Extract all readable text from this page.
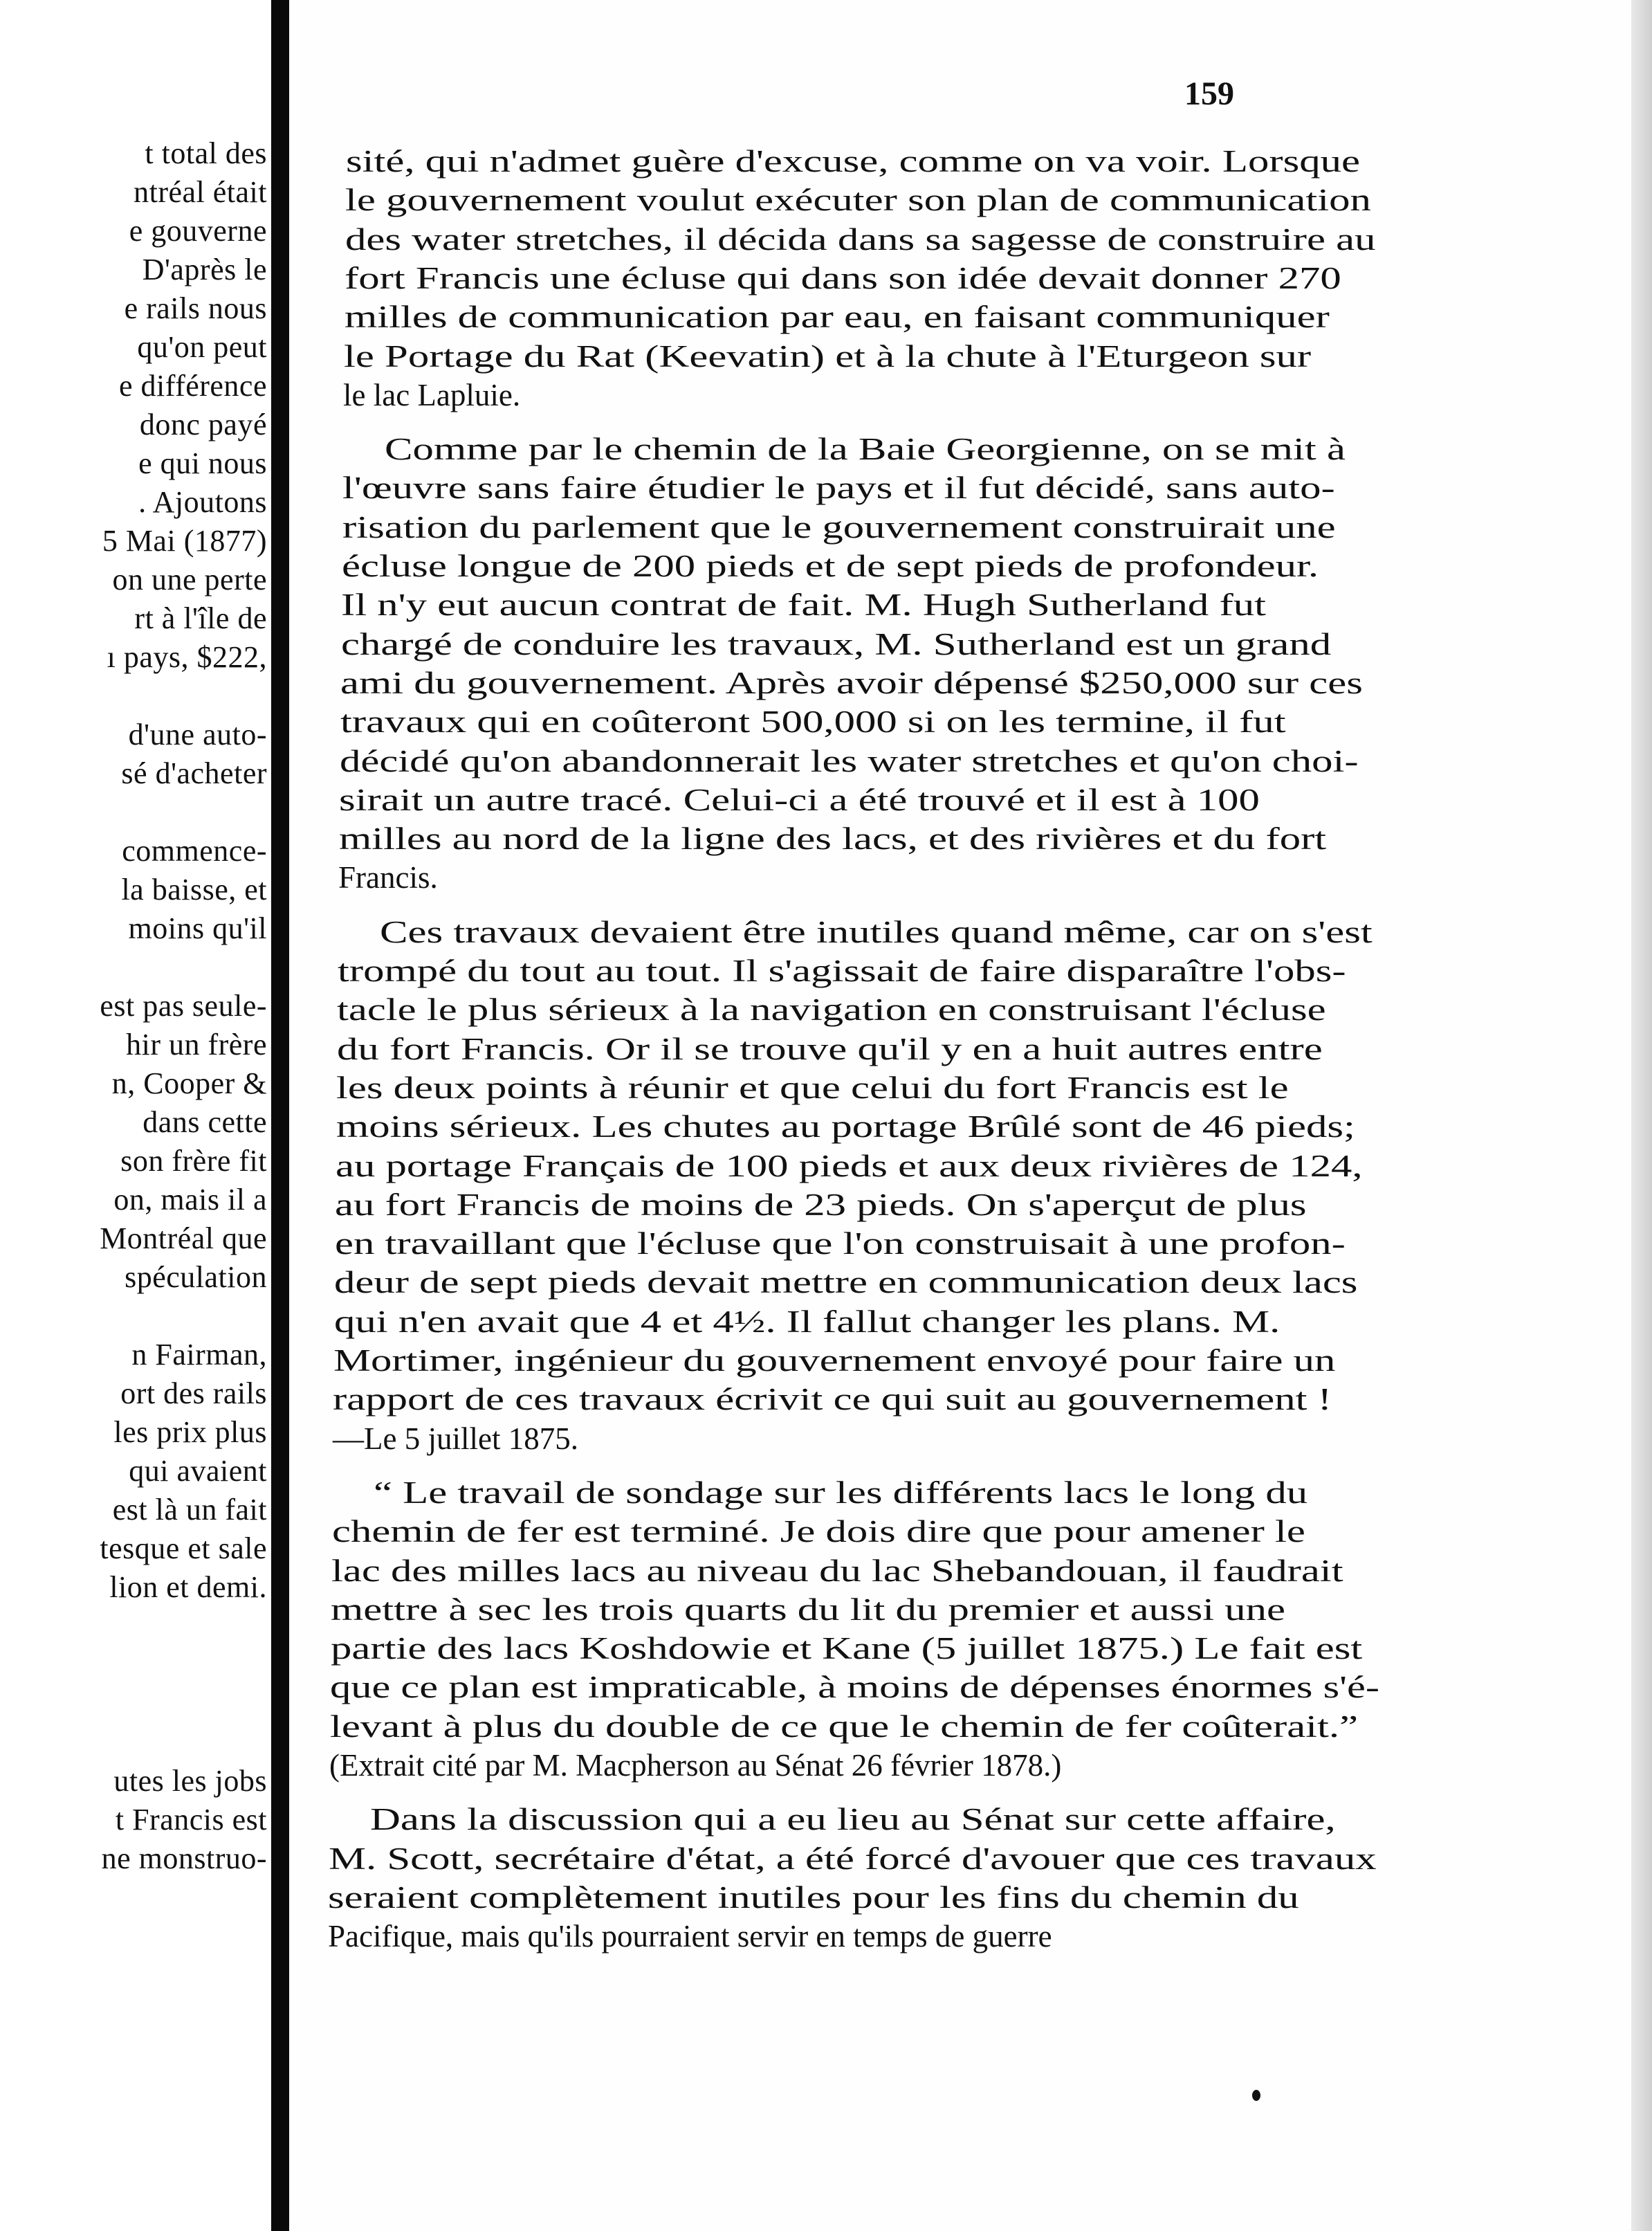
t total des
ntréal était
e gouverne
D'après le
e rails nous
qu'on peut
e différence
donc payé
e qui nous
. Ajoutons
5 Mai (1877)
on une perte
rt à l'île de
ı pays, $222,
d'une auto-
sé d'acheter
commence-
la baisse, et
moins qu'il
est pas seule-
hir un frère
n, Cooper &
dans cette
son frère fit
on, mais il a
Montréal que
spéculation
n Fairman,
ort des rails
les prix plus
qui avaient
est là un fait
tesque et sale
lion et demi.
utes les jobs
t Francis est
ne monstruo-
159
sité, qui n'admet guère d'excuse, comme on va voir. Lorsque
le gouvernement voulut exécuter son plan de communication
des water stretches, il décida dans sa sagesse de construire au
fort Francis une écluse qui dans son idée devait donner 270
milles de communication par eau, en faisant communiquer
le Portage du Rat (Keevatin) et à la chute à l'Eturgeon sur
le lac Lapluie.
Comme par le chemin de la Baie Georgienne, on se mit à
l'œuvre sans faire étudier le pays et il fut décidé, sans auto-
risation du parlement que le gouvernement construirait une
écluse longue de 200 pieds et de sept pieds de profondeur.
Il n'y eut aucun contrat de fait. M. Hugh Sutherland fut
chargé de conduire les travaux, M. Sutherland est un grand
ami du gouvernement. Après avoir dépensé $250,000 sur ces
travaux qui en coûteront 500,000 si on les termine, il fut
décidé qu'on abandonnerait les water stretches et qu'on choi-
sirait un autre tracé. Celui-ci a été trouvé et il est à 100
milles au nord de la ligne des lacs, et des rivières et du fort
Francis.
Ces travaux devaient être inutiles quand même, car on s'est
trompé du tout au tout. Il s'agissait de faire disparaître l'obs-
tacle le plus sérieux à la navigation en construisant l'écluse
du fort Francis. Or il se trouve qu'il y en a huit autres entre
les deux points à réunir et que celui du fort Francis est le
moins sérieux. Les chutes au portage Brûlé sont de 46 pieds;
au portage Français de 100 pieds et aux deux rivières de 124,
au fort Francis de moins de 23 pieds. On s'aperçut de plus
en travaillant que l'écluse que l'on construisait à une profon-
deur de sept pieds devait mettre en communication deux lacs
qui n'en avait que 4 et 4½. Il fallut changer les plans. M.
Mortimer, ingénieur du gouvernement envoyé pour faire un
rapport de ces travaux écrivit ce qui suit au gouvernement !
—Le 5 juillet 1875.
“ Le travail de sondage sur les différents lacs le long du
chemin de fer est terminé. Je dois dire que pour amener le
lac des milles lacs au niveau du lac Shebandouan, il faudrait
mettre à sec les trois quarts du lit du premier et aussi une
partie des lacs Koshdowie et Kane (5 juillet 1875.) Le fait est
que ce plan est impraticable, à moins de dépenses énormes s'é-
levant à plus du double de ce que le chemin de fer coûterait.”
(Extrait cité par M. Macpherson au Sénat 26 février 1878.)
Dans la discussion qui a eu lieu au Sénat sur cette affaire,
M. Scott, secrétaire d'état, a été forcé d'avouer que ces travaux
seraient complètement inutiles pour les fins du chemin du
Pacifique, mais qu'ils pourraient servir en temps de guerre
